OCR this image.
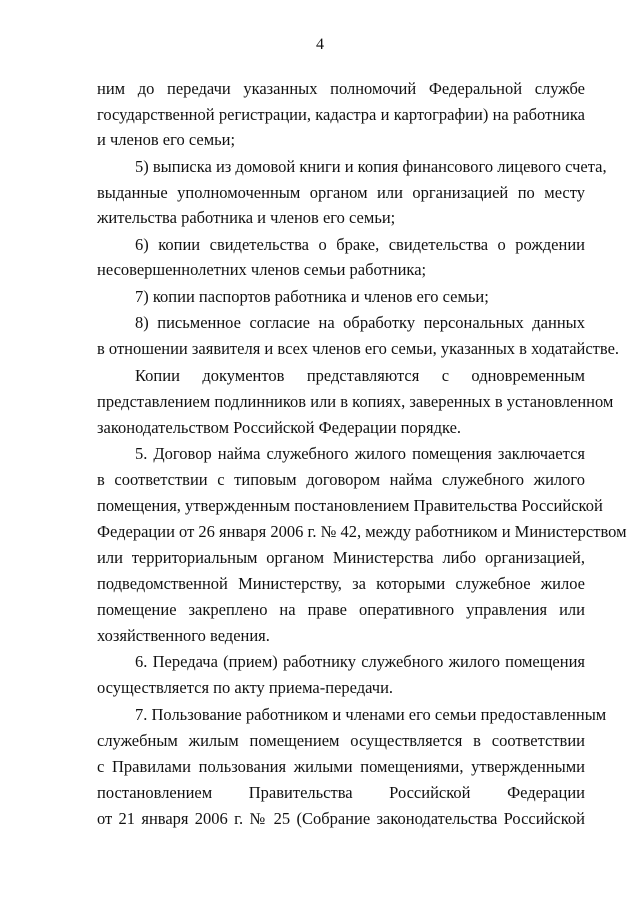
4
ним до передачи указанных полномочий Федеральной службе
государственной регистрации, кадастра и картографии) на работника
и членов его семьи;
5) выписка из домовой книги и копия финансового лицевого счета,
выданные уполномоченным органом или организацией по месту
жительства работника и членов его семьи;
6) копии свидетельства о браке, свидетельства о рождении
несовершеннолетних членов семьи работника;
7) копии паспортов работника и членов его семьи;
8) письменное согласие на обработку персональных данных
в отношении заявителя и всех членов его семьи, указанных в ходатайстве.
Копии документов представляются с одновременным
представлением подлинников или в копиях, заверенных в установленном
законодательством Российской Федерации порядке.
5. Договор найма служебного жилого помещения заключается
в соответствии с типовым договором найма служебного жилого
помещения, утвержденным постановлением Правительства Российской
Федерации от 26 января 2006 г. № 42, между работником и Министерством
или территориальным органом Министерства либо организацией,
подведомственной Министерству, за которыми служебное жилое
помещение закреплено на праве оперативного управления или
хозяйственного ведения.
6. Передача (прием) работнику служебного жилого помещения
осуществляется по акту приема-передачи.
7. Пользование работником и членами его семьи предоставленным
служебным жилым помещением осуществляется в соответствии
с Правилами пользования жилыми помещениями, утвержденными
постановлением Правительства Российской Федерации
от 21 января 2006 г. № 25 (Собрание законодательства Российской
